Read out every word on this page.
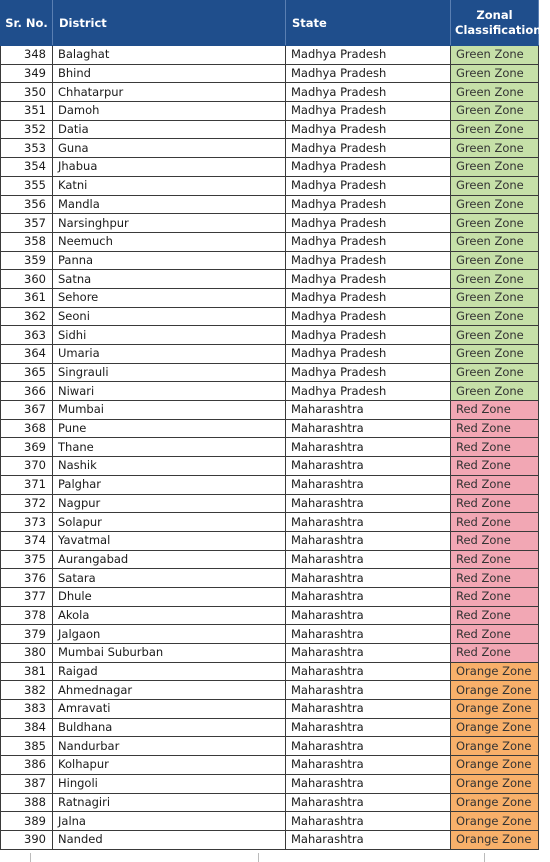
Sr. No.	District	State	Zonal
Classification

348	Balaghat	Madhya Pradesh	Green Zone
349	Bhind	Madhya Pradesh	Green Zone
350	Chhatarpur	Madhya Pradesh	Green Zone
351	Damoh	Madhya Pradesh	Green Zone
352	Datia	Madhya Pradesh	Green Zone
353	Guna	Madhya Pradesh	Green Zone
354	Jhabua	Madhya Pradesh	Green Zone
355	Katni	Madhya Pradesh	Green Zone
356	Mandla	Madhya Pradesh	Green Zone
357	Narsinghpur	Madhya Pradesh	Green Zone
358	Neemuch	Madhya Pradesh	Green Zone
359	Panna	Madhya Pradesh	Green Zone
360	Satna	Madhya Pradesh	Green Zone
361	Sehore	Madhya Pradesh	Green Zone
362	Seoni	Madhya Pradesh	Green Zone
363	Sidhi	Madhya Pradesh	Green Zone
364	Umaria	Madhya Pradesh	Green Zone
365	Singrauli	Madhya Pradesh	Green Zone
366	Niwari	Madhya Pradesh	Green Zone
367	Mumbai	Maharashtra	Red Zone
368	Pune	Maharashtra	Red Zone
369	Thane	Maharashtra	Red Zone
370	Nashik	Maharashtra	Red Zone
371	Palghar	Maharashtra	Red Zone
372	Nagpur	Maharashtra	Red Zone
373	Solapur	Maharashtra	Red Zone
374	Yavatmal	Maharashtra	Red Zone
375	Aurangabad	Maharashtra	Red Zone
376	Satara	Maharashtra	Red Zone
377	Dhule	Maharashtra	Red Zone
378	Akola	Maharashtra	Red Zone
379	Jalgaon	Maharashtra	Red Zone
380	Mumbai Suburban	Maharashtra	Red Zone
381	Raigad	Maharashtra	Orange Zone
382	Ahmednagar	Maharashtra	Orange Zone
383	Amravati	Maharashtra	Orange Zone
384	Buldhana	Maharashtra	Orange Zone
385	Nandurbar	Maharashtra	Orange Zone
386	Kolhapur	Maharashtra	Orange Zone
387	Hingoli	Maharashtra	Orange Zone
388	Ratnagiri	Maharashtra	Orange Zone
389	Jalna	Maharashtra	Orange Zone
390	Nanded	Maharashtra	Orange Zone
